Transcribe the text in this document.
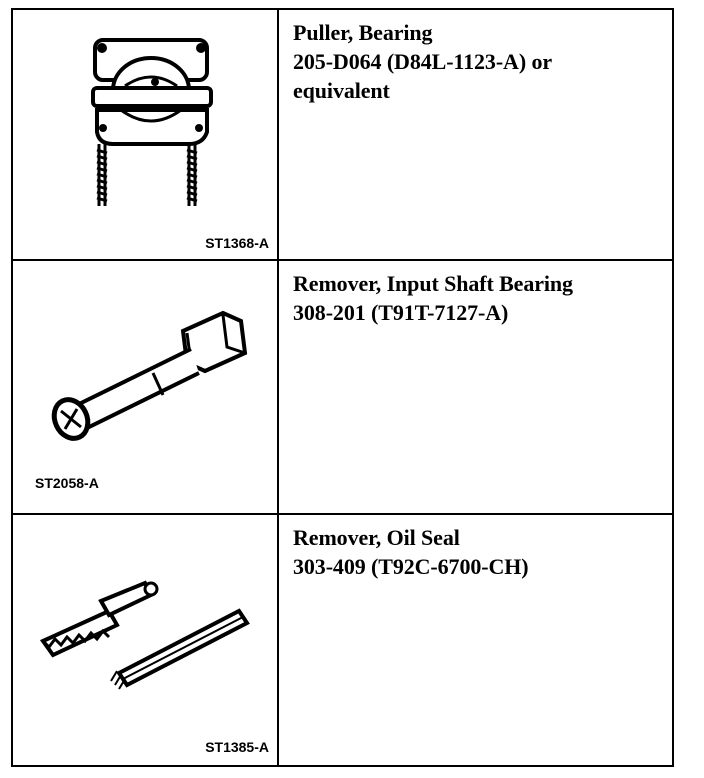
ST1368-A	Puller, Bearing
205-D064 (D84L-1123-A) or
equivalent

ST2058-A	Remover, Input Shaft Bearing
308-201 (T91T-7127-A)

ST1385-A	Remover, Oil Seal
303-409 (T92C-6700-CH)
